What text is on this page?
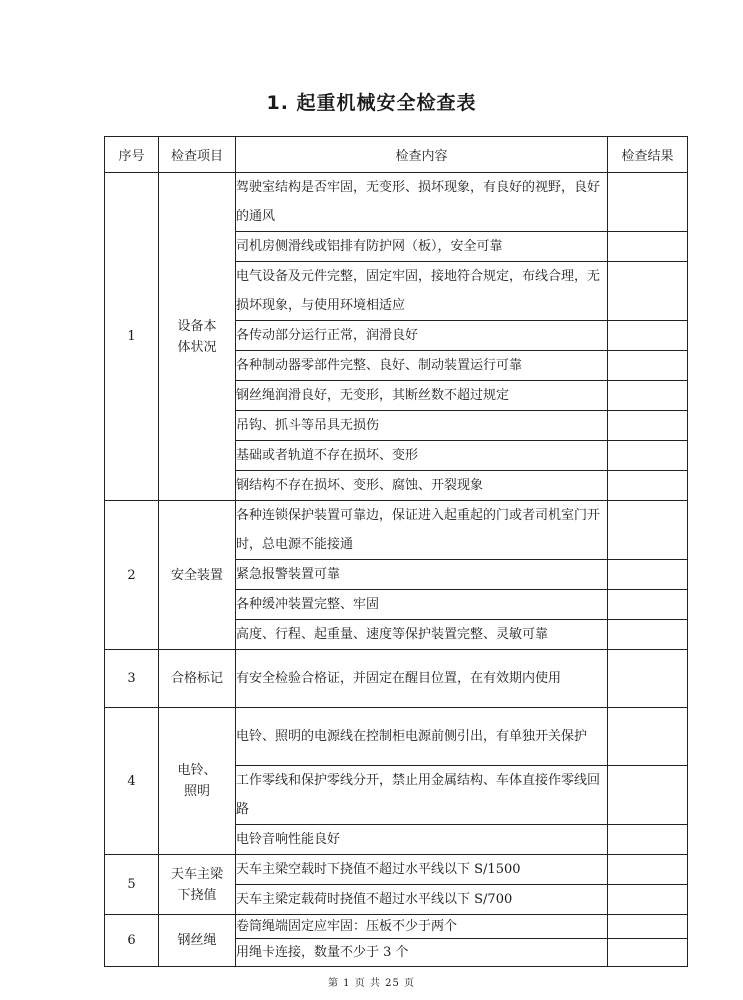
1. 起重机械安全检查表
序号	检查项目	检查内容	检查结果
1	设备本体状况	驾驶室结构是否牢固，无变形、损坏现象，有良好的视野，良好的通风	
		司机房侧滑线或铝排有防护网（板），安全可靠	
		电气设备及元件完整，固定牢固，接地符合规定，布线合理，无损坏现象，与使用环境相适应	
		各传动部分运行正常，润滑良好	
		各种制动器零部件完整、良好、制动装置运行可靠	
		钢丝绳润滑良好，无变形，其断丝数不超过规定	
		吊钩、抓斗等吊具无损伤	
		基础或者轨道不存在损坏、变形	
		钢结构不存在损坏、变形、腐蚀、开裂现象	
2	安全装置	各种连锁保护装置可靠边，保证进入起重起的门或者司机室门开时，总电源不能接通	
		紧急报警装置可靠	
		各种缓冲装置完整、牢固	
		高度、行程、起重量、速度等保护装置完整、灵敏可靠	
3	合格标记	有安全检验合格证，并固定在醒目位置，在有效期内使用	
4	电铃、照明	电铃、照明的电源线在控制柜电源前侧引出，有单独开关保护	
		工作零线和保护零线分开，禁止用金属结构、车体直接作零线回路	
		电铃音响性能良好	
5	天车主梁下挠值	天车主梁空载时下挠值不超过水平线以下 S/1500	
		天车主梁定载荷时挠值不超过水平线以下 S/700	
6	钢丝绳	卷筒绳端固定应牢固：压板不少于两个	
		用绳卡连接，数量不少于 3 个	
第 1 页 共 25 页
